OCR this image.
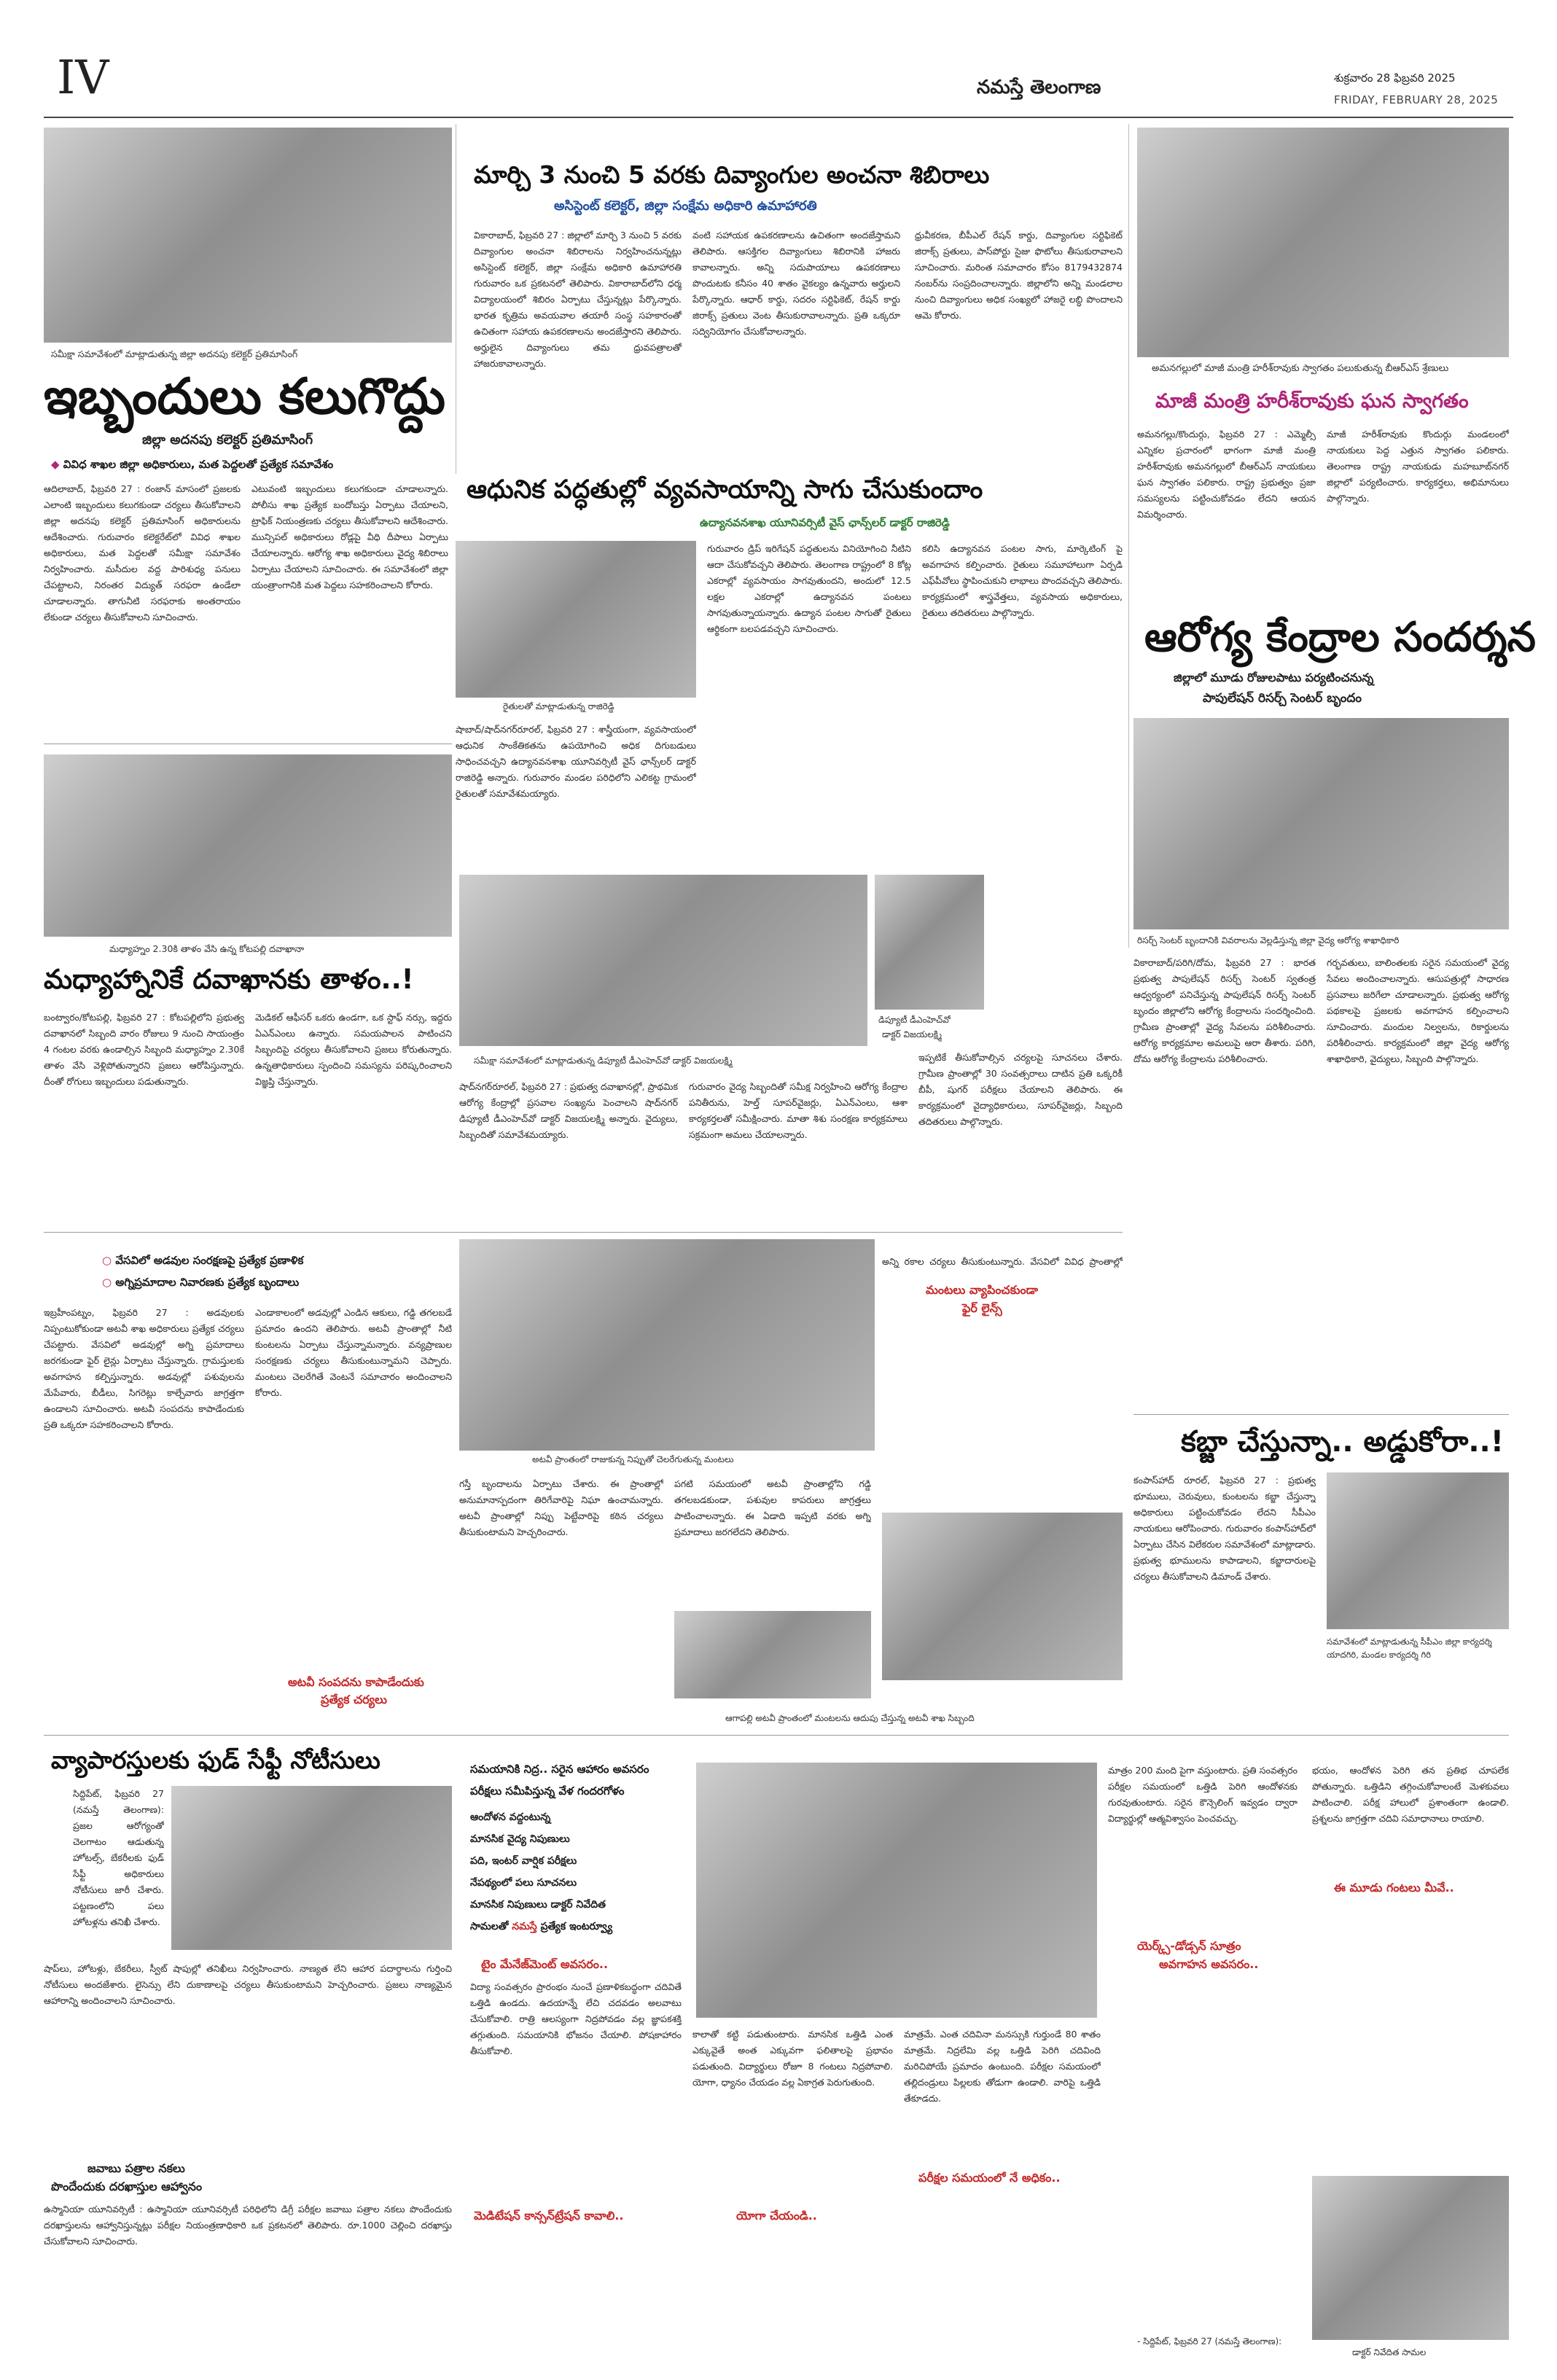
IV	నమస్తే తెలంగాణ	శుక్రవారం 28 ఫిబ్రవరి 2025
FRIDAY, FEBRUARY 28, 2025
మార్చి 3 నుంచి 5 వరకు దివ్యాంగుల అంచనా శిబిరాలు
అసిస్టెంట్ కలెక్టర్, జిల్లా సంక్షేమ అధికారి ఉమాహారతి
వికారాబాద్, ఫిబ్రవరి 27 : జిల్లాలో మార్చి 3 నుంచి 5 వరకు దివ్యాంగుల అంచనా శిబిరాలను నిర్వహించనున్నట్లు అసిస్టెంట్ కలెక్టర్, జిల్లా సంక్షేమ అధికారి ఉమాహారతి గురువారం ఒక ప్రకటనలో తెలిపారు. వికారాబాద్‌లోని ధర్మ విద్యాలయంలో శిబిరం ఏర్పాటు చేస్తున్నట్లు పేర్కొన్నారు. భారత కృత్రిమ అవయవాల తయారీ సంస్థ సహకారంతో ఉచితంగా సహాయ ఉపకరణాలను అందజేస్తారని తెలిపారు. అర్హులైన దివ్యాంగులు తమ ధ్రువపత్రాలతో హాజరుకావాలన్నారు.
వంటి సహాయక ఉపకరణాలను ఉచితంగా అందజేస్తామని తెలిపారు. ఆసక్తిగల దివ్యాంగులు శిబిరానికి హాజరు కావాలన్నారు. అన్ని సదుపాయాలు ఉపకరణాలు పొందుటకు కనీసం 40 శాతం వైకల్యం ఉన్నవారు అర్హులని పేర్కొన్నారు. ఆధార్ కార్డు, సదరం సర్టిఫికెట్, రేషన్ కార్డు జిరాక్స్ ప్రతులు వెంట తీసుకురావాలన్నారు. ప్రతి ఒక్కరూ సద్వినియోగం చేసుకోవాలన్నారు.
ధ్రువీకరణ, బీపీఎల్ రేషన్ కార్డు, దివ్యాంగుల సర్టిఫికెట్ జిరాక్స్ ప్రతులు, పాస్‌పోర్టు సైజు ఫొటోలు తీసుకురావాలని సూచించారు. మరింత సమాచారం కోసం 8179432874 నంబర్‌ను సంప్రదించాలన్నారు. జిల్లాలోని అన్ని మండలాల నుంచి దివ్యాంగులు అధిక సంఖ్యలో హాజరై లబ్ధి పొందాలని ఆమె కోరారు.
అమనగల్లులో మాజీ మంత్రి హరీశ్‌రావుకు స్వాగతం పలుకుతున్న బీఆర్‌ఎస్ శ్రేణులు
మాజీ మంత్రి హరీశ్‌రావుకు ఘన స్వాగతం
అమనగల్లు/కొందుర్గు, ఫిబ్రవరి 27 : ఎమ్మెల్సీ ఎన్నికల ప్రచారంలో భాగంగా మాజీ మంత్రి హరీశ్‌రావుకు అమనగల్లులో బీఆర్‌ఎస్ నాయకులు ఘన స్వాగతం పలికారు. రాష్ట్ర ప్రభుత్వం ప్రజా సమస్యలను పట్టించుకోవడం లేదని ఆయన విమర్శించారు.
మాజీ హరీశ్‌రావుకు కొందుర్గు మండలంలో నాయకులు పెద్ద ఎత్తున స్వాగతం పలికారు. తెలంగాణ రాష్ట్ర నాయకుడు మహబూబ్‌నగర్ జిల్లాలో పర్యటించారు. కార్యకర్తలు, అభిమానులు పాల్గొన్నారు.
సమీక్షా సమావేశంలో మాట్లాడుతున్న జిల్లా అదనపు కలెక్టర్ ప్రతిమాసింగ్
ఇబ్బందులు కలుగొద్దు
జిల్లా అదనపు కలెక్టర్ ప్రతిమాసింగ్
◆ వివిధ శాఖల జిల్లా అధికారులు, మత పెద్దలతో ప్రత్యేక సమావేశం
ఆదిలాబాద్, ఫిబ్రవరి 27 : రంజాన్ మాసంలో ప్రజలకు ఎలాంటి ఇబ్బందులు కలుగకుండా చర్యలు తీసుకోవాలని జిల్లా అదనపు కలెక్టర్ ప్రతిమాసింగ్ అధికారులను ఆదేశించారు. గురువారం కలెక్టరేట్‌లో వివిధ శాఖల అధికారులు, మత పెద్దలతో సమీక్షా సమావేశం నిర్వహించారు. మసీదుల వద్ద పారిశుధ్య పనులు చేపట్టాలని, నిరంతర విద్యుత్ సరఫరా ఉండేలా చూడాలన్నారు. తాగునీటి సరఫరాకు అంతరాయం లేకుండా చర్యలు తీసుకోవాలని సూచించారు.
ఎటువంటి ఇబ్బందులు కలుగకుండా చూడాలన్నారు. పోలీసు శాఖ ప్రత్యేక బందోబస్తు ఏర్పాటు చేయాలని, ట్రాఫిక్ నియంత్రణకు చర్యలు తీసుకోవాలని ఆదేశించారు. మున్సిపల్ అధికారులు రోడ్లపై వీధి దీపాలు ఏర్పాటు చేయాలన్నారు. ఆరోగ్య శాఖ అధికారులు వైద్య శిబిరాలు ఏర్పాటు చేయాలని సూచించారు. ఈ సమావేశంలో జిల్లా యంత్రాంగానికి మత పెద్దలు సహకరించాలని కోరారు.
ఆధునిక పద్ధతుల్లో వ్యవసాయాన్ని సాగు చేసుకుందాం
ఉద్యానవనశాఖ యూనివర్సిటీ వైస్ ఛాన్స్‌లర్ డాక్టర్ రాజిరెడ్డి
రైతులతో మాట్లాడుతున్న రాజిరెడ్డి
షాబాద్/షాద్‌నగర్‌రూరల్, ఫిబ్రవరి 27 : శాస్త్రీయంగా, వ్యవసాయంలో ఆధునిక సాంకేతికతను ఉపయోగించి అధిక దిగుబడులు సాధించవచ్చని ఉద్యానవనశాఖ యూనివర్సిటీ వైస్ ఛాన్స్‌లర్ డాక్టర్ రాజిరెడ్డి అన్నారు. గురువారం మండల పరిధిలోని ఎలికట్ట గ్రామంలో రైతులతో సమావేశమయ్యారు.
గురువారం డ్రిప్ ఇరిగేషన్ పద్ధతులను వినియోగించి నీటిని ఆదా చేసుకోవచ్చని తెలిపారు. తెలంగాణ రాష్ట్రంలో 8 కోట్ల ఎకరాల్లో వ్యవసాయం సాగవుతుందని, అందులో 12.5 లక్షల ఎకరాల్లో ఉద్యానవన పంటలు సాగవుతున్నాయన్నారు. ఉద్యాన పంటల సాగుతో రైతులు ఆర్థికంగా బలపడవచ్చని సూచించారు.
కలిసి ఉద్యానవన పంటల సాగు, మార్కెటింగ్ పై అవగాహన కల్పించారు. రైతులు సమూహాలుగా ఏర్పడి ఎఫ్‌పీవోలు స్థాపించుకుని లాభాలు పొందవచ్చని తెలిపారు. కార్యక్రమంలో శాస్త్రవేత్తలు, వ్యవసాయ అధికారులు, రైతులు తదితరులు పాల్గొన్నారు.
ఆరోగ్య కేంద్రాల సందర్శన
జిల్లాలో మూడు రోజులపాటు పర్యటించనున్న
పాపులేషన్ రిసర్చ్ సెంటర్ బృందం
రిసర్చ్ సెంటర్ బృందానికి వివరాలను వెల్లడిస్తున్న జిల్లా వైద్య ఆరోగ్య శాఖాధికారి
వికారాబాద్/పరిగి/దోమ, ఫిబ్రవరి 27 : భారత ప్రభుత్వ పాపులేషన్ రిసర్చ్ సెంటర్ స్వతంత్ర ఆధ్వర్యంలో పనిచేస్తున్న పాపులేషన్ రిసర్చ్ సెంటర్ బృందం జిల్లాలోని ఆరోగ్య కేంద్రాలను సందర్శించింది. గ్రామీణ ప్రాంతాల్లో వైద్య సేవలను పరిశీలించారు. ఆరోగ్య కార్యక్రమాల అమలుపై ఆరా తీశారు. పరిగి, దోమ ఆరోగ్య కేంద్రాలను పరిశీలించారు.
గర్భవతులు, బాలింతలకు సరైన సమయంలో వైద్య సేవలు అందించాలన్నారు. ఆసుపత్రుల్లో సాధారణ ప్రసవాలు జరిగేలా చూడాలన్నారు. ప్రభుత్వ ఆరోగ్య పథకాలపై ప్రజలకు అవగాహన కల్పించాలని సూచించారు. మందుల నిల్వలను, రికార్డులను పరిశీలించారు. కార్యక్రమంలో జిల్లా వైద్య ఆరోగ్య శాఖాధికారి, వైద్యులు, సిబ్బంది పాల్గొన్నారు.
మధ్యాహ్నం 2.30కి తాళం వేసి ఉన్న కోటపల్లి దవాఖానా
మధ్యాహ్నానికే దవాఖానకు తాళం..!
బంట్వారం/కోటపల్లి, ఫిబ్రవరి 27 : కోటపల్లిలోని ప్రభుత్వ దవాఖానలో సిబ్బంది వారం రోజులు 9 నుంచి సాయంత్రం 4 గంటల వరకు ఉండాల్సిన సిబ్బంది మధ్యాహ్నం 2.30కే తాళం వేసి వెళ్లిపోతున్నారని ప్రజలు ఆరోపిస్తున్నారు. దీంతో రోగులు ఇబ్బందులు పడుతున్నారు.
మెడికల్ ఆఫీసర్ ఒకరు ఉండగా, ఒక స్టాఫ్ నర్సు, ఇద్దరు ఏఎన్‌ఎంలు ఉన్నారు. సమయపాలన పాటించని సిబ్బందిపై చర్యలు తీసుకోవాలని ప్రజలు కోరుతున్నారు. ఉన్నతాధికారులు స్పందించి సమస్యను పరిష్కరించాలని విజ్ఞప్తి చేస్తున్నారు.
డిప్యూటీ డీఎంహెచ్‌వో
డాక్టర్ విజయలక్ష్మి
సమీక్షా సమావేశంలో మాట్లాడుతున్న డిప్యూటీ డీఎంహెచ్‌వో డాక్టర్ విజయలక్ష్మి
షాద్‌నగర్‌రూరల్, ఫిబ్రవరి 27 : ప్రభుత్వ దవాఖానల్లో, ప్రాథమిక ఆరోగ్య కేంద్రాల్లో ప్రసవాల సంఖ్యను పెంచాలని షాద్‌నగర్ డిప్యూటీ డీఎంహెచ్‌వో డాక్టర్ విజయలక్ష్మి అన్నారు. వైద్యులు, సిబ్బందితో సమావేశమయ్యారు.
గురువారం వైద్య సిబ్బందితో సమీక్ష నిర్వహించి ఆరోగ్య కేంద్రాల పనితీరును, హెల్త్ సూపర్‌వైజర్లు, ఏఎన్‌ఎంలు, ఆశా కార్యకర్తలతో సమీక్షించారు. మాతా శిశు సంరక్షణ కార్యక్రమాలు సక్రమంగా అమలు చేయాలన్నారు.
ఇప్పటికే తీసుకోవాల్సిన చర్యలపై సూచనలు చేశారు. గ్రామీణ ప్రాంతాల్లో 30 సంవత్సరాలు దాటిన ప్రతి ఒక్కరికీ బీపీ, షుగర్ పరీక్షలు చేయాలని తెలిపారు. ఈ కార్యక్రమంలో వైద్యాధికారులు, సూపర్‌వైజర్లు, సిబ్బంది తదితరులు పాల్గొన్నారు.
○ వేసవిలో అడవుల సంరక్షణపై ప్రత్యేక ప్రణాళిక
○ అగ్నిప్రమాదాల నివారణకు ప్రత్యేక బృందాలు
ఇబ్రహీంపట్నం, ఫిబ్రవరి 27 : అడవులకు నిప్పంటుకోకుండా అటవీ శాఖ అధికారులు ప్రత్యేక చర్యలు చేపట్టారు. వేసవిలో అడవుల్లో అగ్ని ప్రమాదాలు జరగకుండా ఫైర్ లైన్లు ఏర్పాటు చేస్తున్నారు. గ్రామస్తులకు అవగాహన కల్పిస్తున్నారు. అడవుల్లో పశువులను మేపేవారు, బీడీలు, సిగరెట్లు కాల్చేవారు జాగ్రత్తగా ఉండాలని సూచించారు. అటవీ సంపదను కాపాడేందుకు ప్రతి ఒక్కరూ సహకరించాలని కోరారు.
ఎండాకాలంలో అడవుల్లో ఎండిన ఆకులు, గడ్డి తగలబడే ప్రమాదం ఉందని తెలిపారు. అటవీ ప్రాంతాల్లో నీటి కుంటలను ఏర్పాటు చేస్తున్నామన్నారు. వన్యప్రాణుల సంరక్షణకు చర్యలు తీసుకుంటున్నామని చెప్పారు. మంటలు చెలరేగితే వెంటనే సమాచారం అందించాలని కోరారు.
అటవీ ప్రాంతంలో రాజుకున్న నిప్పుతో చెలరేగుతున్న మంటలు
అటవీ సంపదను కాపాడేందుకు
ప్రత్యేక చర్యలు
గస్తీ బృందాలను ఏర్పాటు చేశారు. ఈ ప్రాంతాల్లో అనుమానాస్పదంగా తిరిగేవారిపై నిఘా ఉంచామన్నారు. అటవీ ప్రాంతాల్లో నిప్పు పెట్టేవారిపై కఠిన చర్యలు తీసుకుంటామని హెచ్చరించారు.
పగటి సమయంలో అటవీ ప్రాంతాల్లోని గడ్డి తగలబడకుండా, పశువుల కాపరులు జాగ్రత్తలు పాటించాలన్నారు. ఈ ఏడాది ఇప్పటి వరకు అగ్ని ప్రమాదాలు జరగలేదని తెలిపారు.
అన్ని రకాల చర్యలు తీసుకుంటున్నారు. వేసవిలో వివిధ ప్రాంతాల్లో
మంటలు వ్యాపించకుండా
ఫైర్ లైన్స్
ఆగాపల్లి అటవీ ప్రాంతంలో మంటలను ఆదుపు చేస్తున్న అటవీ శాఖ సిబ్బంది
కబ్జా చేస్తున్నా.. అడ్డుకోరా..!
కంపాస్‌హాద్ రూరల్, ఫిబ్రవరి 27 : ప్రభుత్వ భూములు, చెరువులు, కుంటలను కబ్జా చేస్తున్నా అధికారులు పట్టించుకోవడం లేదని సీపీఎం నాయకులు ఆరోపించారు. గురువారం కంపాస్‌హాద్‌లో ఏర్పాటు చేసిన విలేకరుల సమావేశంలో మాట్లాడారు. ప్రభుత్వ భూములను కాపాడాలని, కబ్జాదారులపై చర్యలు తీసుకోవాలని డిమాండ్ చేశారు.
సమావేశంలో మాట్లాడుతున్న సీపీఎం జిల్లా కార్యదర్శి యాదగిరి, మండల కార్యదర్శి గిరి
వ్యాపారస్తులకు ఫుడ్ సేఫ్టీ నోటీసులు
సిద్దిపేట్, ఫిబ్రవరి 27 (నమస్తే తెలంగాణ): ప్రజల ఆరోగ్యంతో చెలగాటం ఆడుతున్న హోటల్స్, బేకరీలకు ఫుడ్ సేఫ్టీ అధికారులు నోటీసులు జారీ చేశారు. పట్టణంలోని పలు హోటళ్లను తనిఖీ చేశారు.
షాప్‌లు, హోటళ్లు, బేకరీలు, స్వీట్ షాపుల్లో తనిఖీలు నిర్వహించారు. నాణ్యత లేని ఆహార పదార్థాలను గుర్తించి నోటీసులు అందజేశారు. లైసెన్సు లేని దుకాణాలపై చర్యలు తీసుకుంటామని హెచ్చరించారు. ప్రజలు నాణ్యమైన ఆహారాన్ని అందించాలని సూచించారు.
జవాబు పత్రాల నకలు
పొందేందుకు దరఖాస్తుల ఆహ్వానం
ఉస్మానియా యూనివర్సిటీ : ఉస్మానియా యూనివర్సిటీ పరిధిలోని డిగ్రీ పరీక్షల జవాబు పత్రాల నకలు పొందేందుకు దరఖాస్తులను ఆహ్వానిస్తున్నట్లు పరీక్షల నియంత్రణాధికారి ఒక ప్రకటనలో తెలిపారు. రూ.1000 చెల్లించి దరఖాస్తు చేసుకోవాలని సూచించారు.
సమయానికి నిద్ర.. సరైన ఆహారం అవసరం
పరీక్షలు సమీపిస్తున్న వేళ గందరగోళం
ఆందోళన వద్దంటున్న
మానసిక వైద్య నిపుణులు
పది, ఇంటర్ వార్షిక పరీక్షలు
నేపథ్యంలో పలు సూచనలు
మానసిక నిపుణులు డాక్టర్ నివేదిత
సామలతో నమస్తే ప్రత్యేక ఇంటర్వ్యూ
టైం మేనేజ్‌మెంట్ అవసరం..
విద్యా సంవత్సరం ప్రారంభం నుంచే ప్రణాళికబద్ధంగా చదివితే ఒత్తిడి ఉండదు. ఉదయాన్నే లేచి చదవడం అలవాటు చేసుకోవాలి. రాత్రి ఆలస్యంగా నిద్రపోవడం వల్ల జ్ఞాపకశక్తి తగ్గుతుంది. సమయానికి భోజనం చేయాలి. పోషకాహారం తీసుకోవాలి.
మెడిటేషన్ కాన్సన్‌ట్రేషన్ కావాలి..
కాలాతో కట్టి పడుతుంటారు. మానసిక ఒత్తిడి ఎంత ఎక్కువైతే అంత ఎక్కువగా ఫలితాలపై ప్రభావం పడుతుంది. విద్యార్థులు రోజూ 8 గంటలు నిద్రపోవాలి. యోగా, ధ్యానం చేయడం వల్ల ఏకాగ్రత పెరుగుతుంది.
యోగా చేయండి..
మాత్రమే. ఎంత చదివినా మనస్సుకి గుర్తుండే 80 శాతం మాత్రమే. నిద్రలేమి వల్ల ఒత్తిడి పెరిగి చదివింది మరిచిపోయే ప్రమాదం ఉంటుంది. పరీక్షల సమయంలో తల్లిదండ్రులు పిల్లలకు తోడుగా ఉండాలి. వారిపై ఒత్తిడి తేకూడదు.
పరీక్షల సమయంలో నే అధికం..
మాత్రం 200 మంది పైగా వస్తుంటారు. ప్రతి సంవత్సరం పరీక్షల సమయంలో ఒత్తిడి పెరిగి ఆందోళనకు గురవుతుంటారు. సరైన కౌన్సెలింగ్ ఇవ్వడం ద్వారా విద్యార్థుల్లో ఆత్మవిశ్వాసం పెంచవచ్చు.
యెర్క్స్-డోడ్సన్ సూత్రం
అవగాహన అవసరం..
భయం, ఆందోళన పెరిగి తన ప్రతిభ చూపలేక పోతున్నారు. ఒత్తిడిని తగ్గించుకోవాలంటే మెళకువలు పాటించాలి. పరీక్ష హాలులో ప్రశాంతంగా ఉండాలి. ప్రశ్నలను జాగ్రత్తగా చదివి సమాధానాలు రాయాలి.
ఈ మూడు గంటలు మీవే..
- సిద్దిపేట్, ఫిబ్రవరి 27 (నమస్తే తెలంగాణ):
డాక్టర్ నివేదిత సామల
